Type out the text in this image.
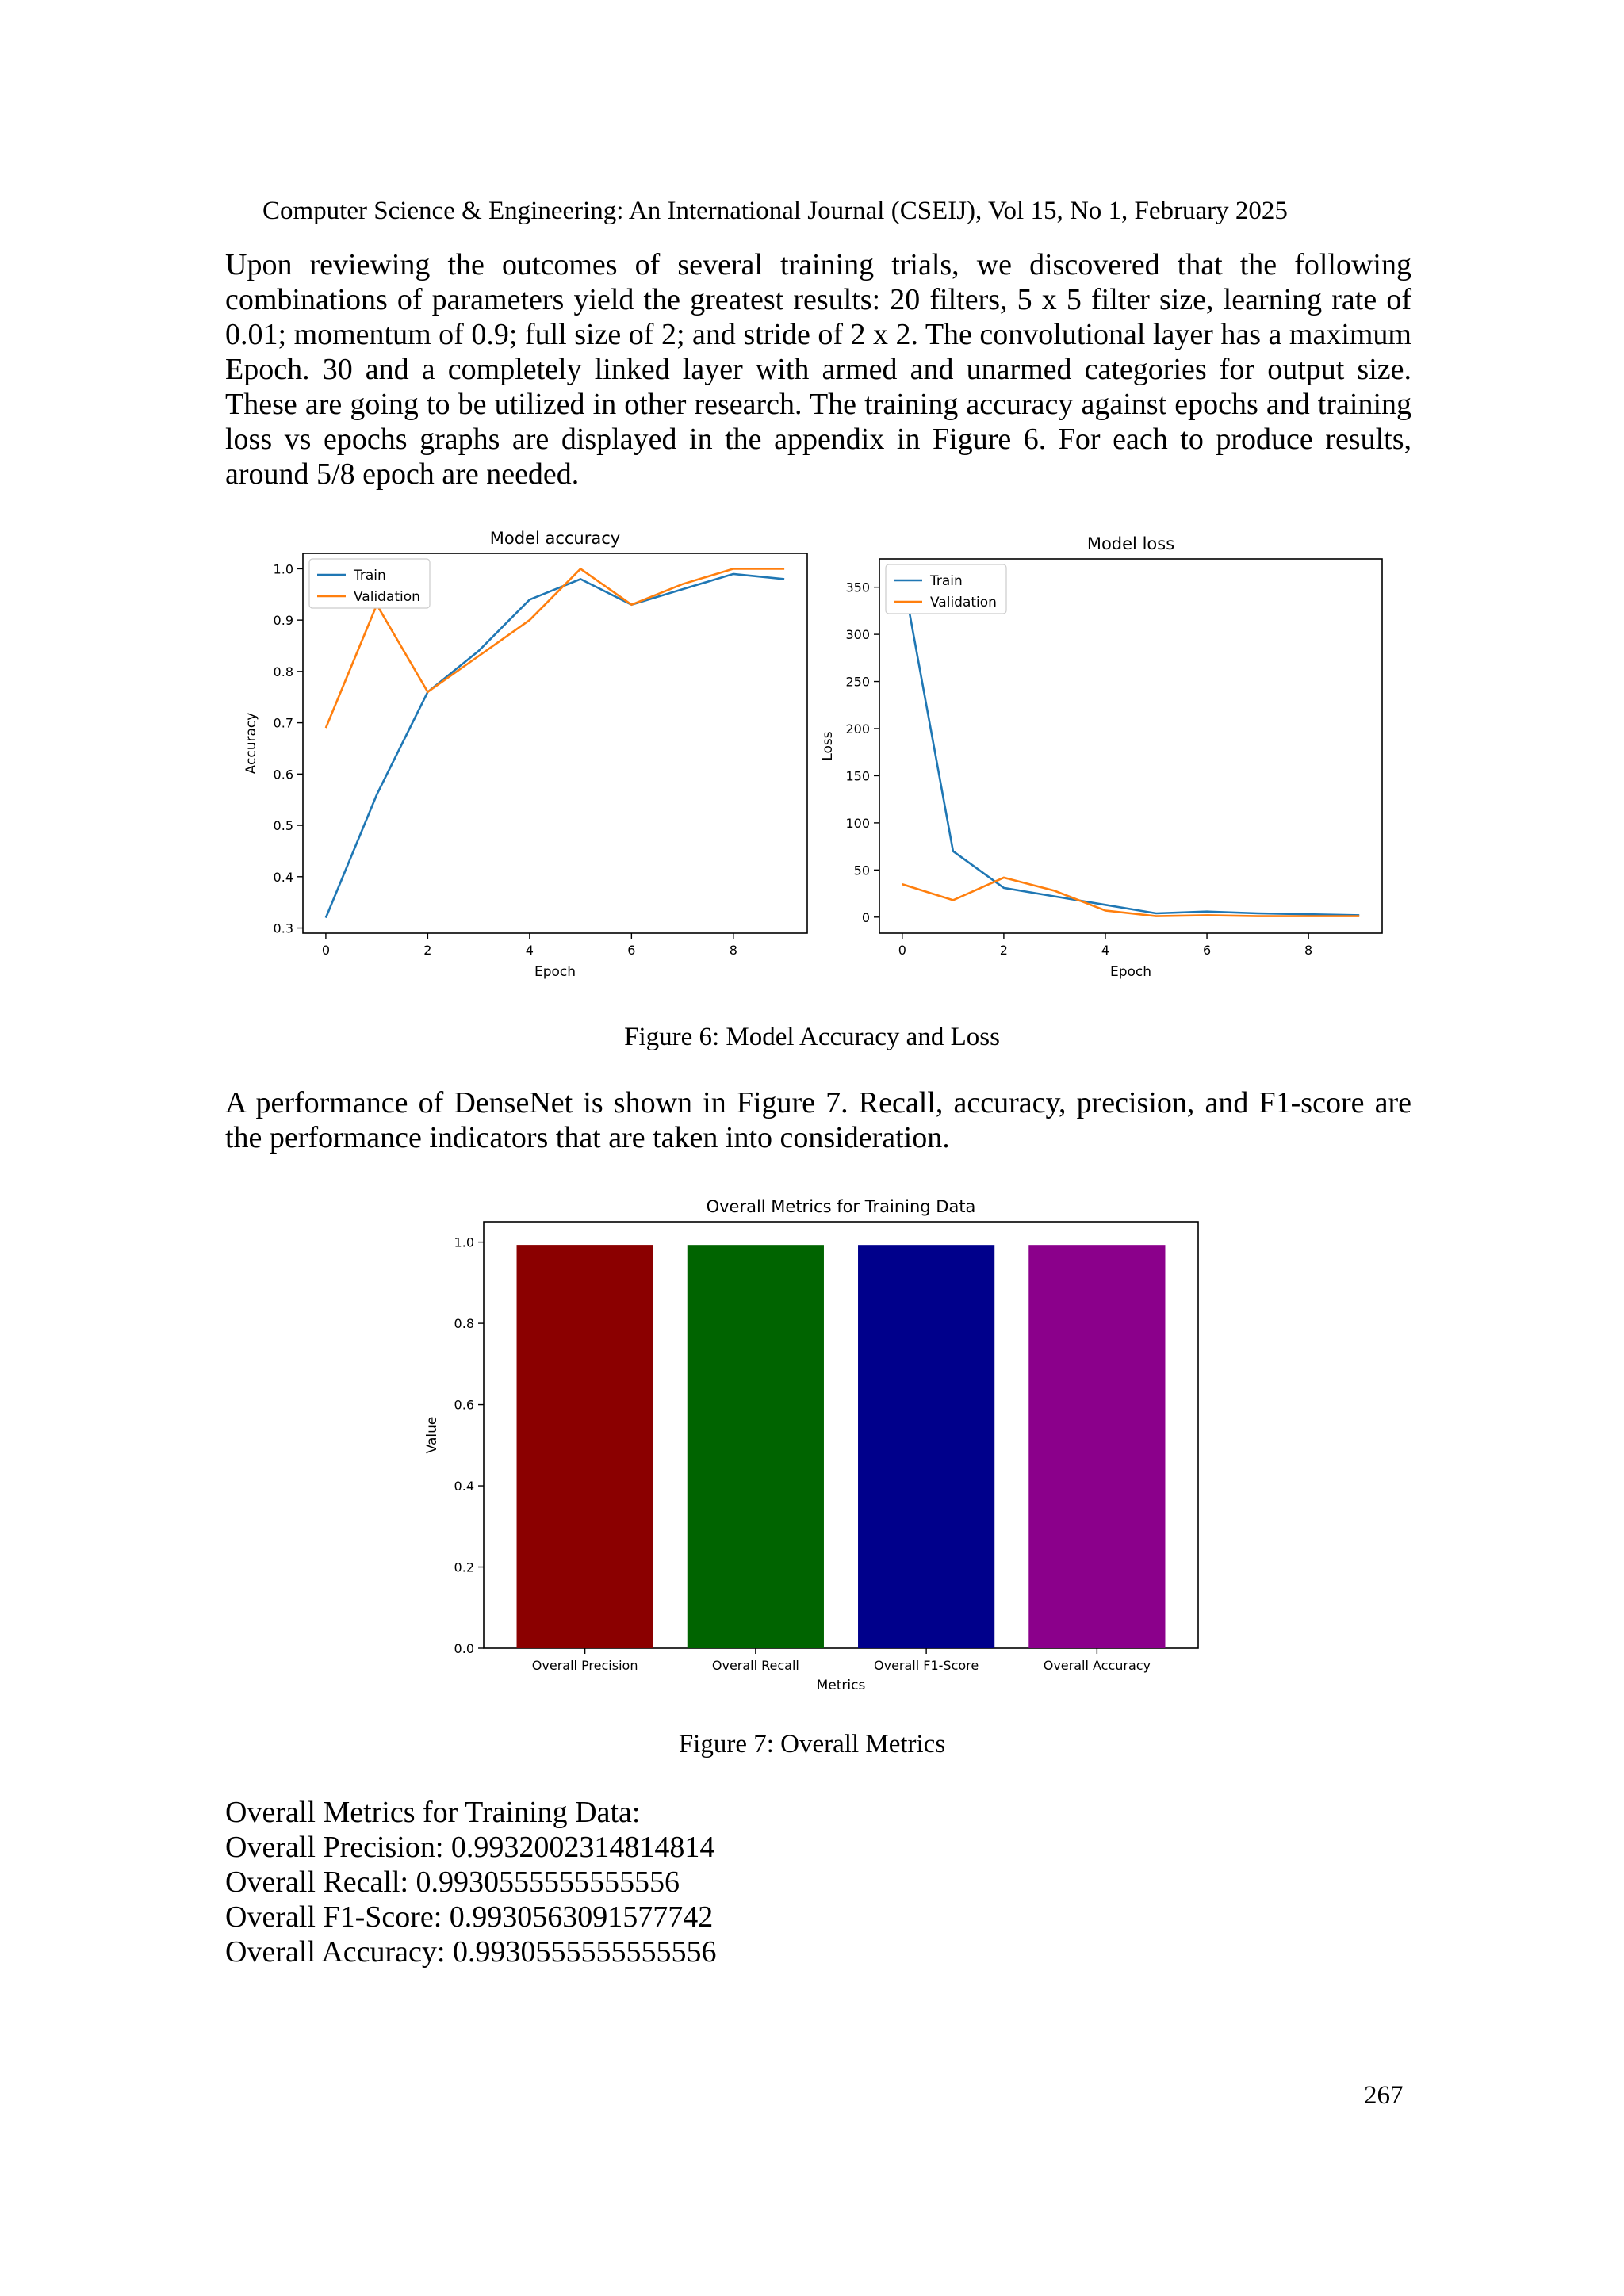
Computer Science & Engineering: An International Journal (CSEIJ), Vol 15, No 1, February 2025

Upon reviewing the outcomes of several training trials, we discovered that the following combinations of parameters yield the greatest results: 20 filters, 5 x 5 filter size, learning rate of 0.01; momentum of 0.9; full size of 2; and stride of 2 x 2. The convolutional layer has a maximum Epoch. 30 and a completely linked layer with armed and unarmed categories for output size. These are going to be utilized in other research. The training accuracy against epochs and training loss vs epochs graphs are displayed in the appendix in Figure 6. For each to produce results, around 5/8 epoch are needed.

Model accuracy
0.3
0.4
0.5
0.6
0.7
0.8
0.9
1.0
0	2	4	6	8
Epoch
Accuracy
Train
Validation
Model loss
0
50
100
150
200
250
300
350
0	2	4	6	8
Epoch
Loss
Train
Validation
Overall Metrics for Training Data
0.0
0.2
0.4
0.6
0.8
1.0
Overall Precision	Overall Recall	Overall F1-Score	Overall Accuracy
Metrics
Value
Figure 6: Model Accuracy and Loss

A performance of DenseNet is shown in Figure 7. Recall, accuracy, precision, and F1-score are the performance indicators that are taken into consideration.

Figure 7: Overall Metrics
Overall Metrics for Training Data:
Overall Precision: 0.9932002314814814
Overall Recall: 0.9930555555555556
Overall F1-Score: 0.9930563091577742
Overall Accuracy: 0.9930555555555556
267
